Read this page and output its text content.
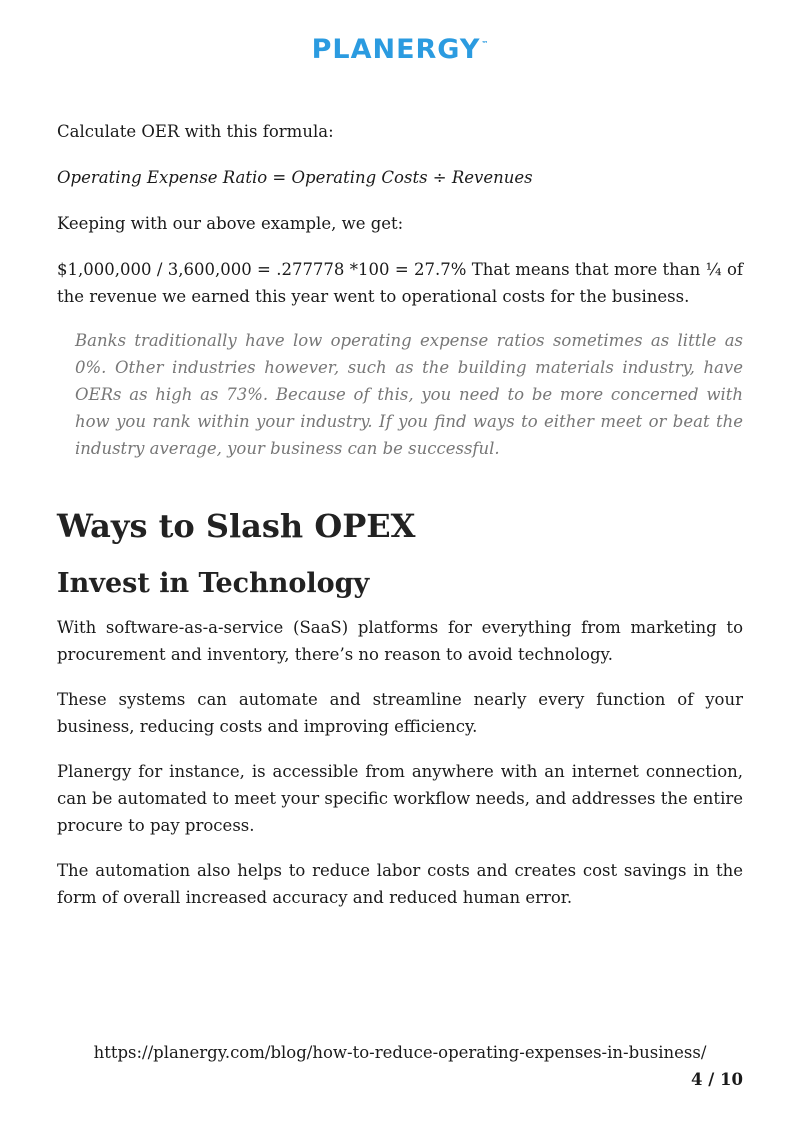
PLANERGY™

Calculate OER with this formula:

Operating Expense Ratio = Operating Costs ÷ Revenues

Keeping with our above example, we get:

$1,000,000 / 3,600,000 = .277778 *100 = 27.7% That means that more than ¼ of the revenue we earned this year went to operational costs for the business.

Banks traditionally have low operating expense ratios sometimes as little as 0%. Other industries however, such as the building materials industry, have OERs as high as 73%. Because of this, you need to be more concerned with how you rank within your industry. If you find ways to either meet or beat the industry average, your business can be successful.
Ways to Slash OPEX
Invest in Technology

With software-as-a-service (SaaS) platforms for everything from marketing to procurement and inventory, there’s no reason to avoid technology.

These systems can automate and streamline nearly every function of your business, reducing costs and improving efficiency.

Planergy for instance, is accessible from anywhere with an internet connection, can be automated to meet your specific workflow needs, and addresses the entire procure to pay process.

The automation also helps to reduce labor costs and creates cost savings in the form of overall increased accuracy and reduced human error.

https://planergy.com/blog/how-to-reduce-operating-expenses-in-business/
4 / 10
